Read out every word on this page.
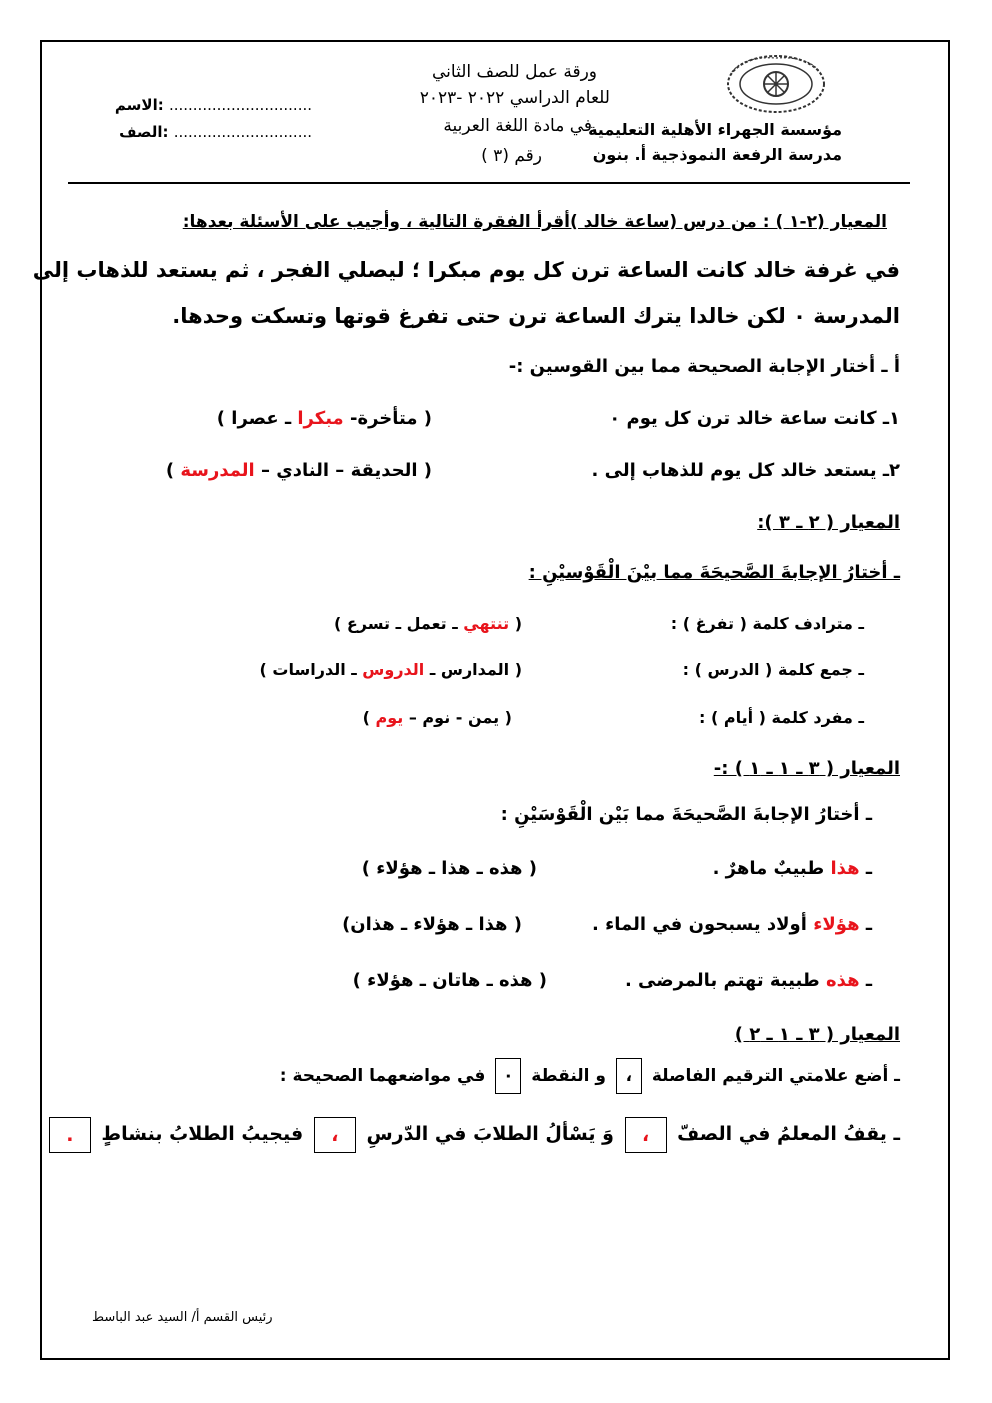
مؤسسة الجهراء الأهلية التعليمية
مدرسة الرفعة النموذجية أ. بنون
ورقة عمل للصف الثاني
للعام الدراسي ٢٠٢٢ -٢٠٢٣
في مادة اللغة العربية
رقم (٣ )
الاسم: ..............................
الصف: .............................
المعيار (٢-١ ) : من درس (ساعة خالد )أقرأ الفقرة التالية ، وأجيب على الأسئلة بعدها:
في غرفة خالد كانت الساعة ترن كل يوم مبكرا ؛ ليصلي الفجر ، ثم يستعد للذهاب إلى
المدرسة ٠ لكن خالدا يترك الساعة ترن حتى تفرغ قوتها وتسكت وحدها.
أ ـ أختار الإجابة الصحيحة مما بين القوسين :-
١ـ كانت ساعة خالد ترن كل يوم ٠
( متأخرة- مبكرا ـ عصرا )
٢ـ يستعد خالد كل يوم للذهاب إلى .
( الحديقة – النادي – المدرسة )
المعيار ( ٢ ـ ٣ ):
ـ أختارُ الإجابةَ الصَّحيحَةَ مما بيْنَ الْقَوْسيْنِ :
ـ مترادف كلمة ( تفرغ ) :
( تنتهي ـ تعمل ـ تسرع )
ـ جمع كلمة ( الدرس ) :
( المدارس ـ الدروس ـ الدراسات )
ـ مفرد كلمة ( أيام ) :
( يمن - نوم – يوم )
المعيار ( ٣ ـ ١ ـ ١ ) :-
ـ أختارُ الإجابةَ الصَّحيحَةَ مما بَيْن الْقَوْسَيْنِ :
ـ هذا طبيبٌ ماهرٌ .
( هذه ـ هذا ـ هؤلاء )
ـ هؤلاء أولاد يسبحون في الماء .
( هذا ـ هؤلاء ـ هذان)
ـ هذه طبيبة تهتم بالمرضى .
( هذه ـ هاتان ـ هؤلاء )
المعيار ( ٣ ـ ١ ـ ٢ )
ـ أضع علامتي الترقيم الفاصلة ، و النقطة ٠ في مواضعهما الصحيحة :
ـ يقفُ المعلمُ في الصفّ ، وَ يَسْألُ الطلابَ في الدّرسِ ، فيجيبُ الطلابُ بنشاطٍ .
رئيس القسم أ/ السيد عبد الباسط
